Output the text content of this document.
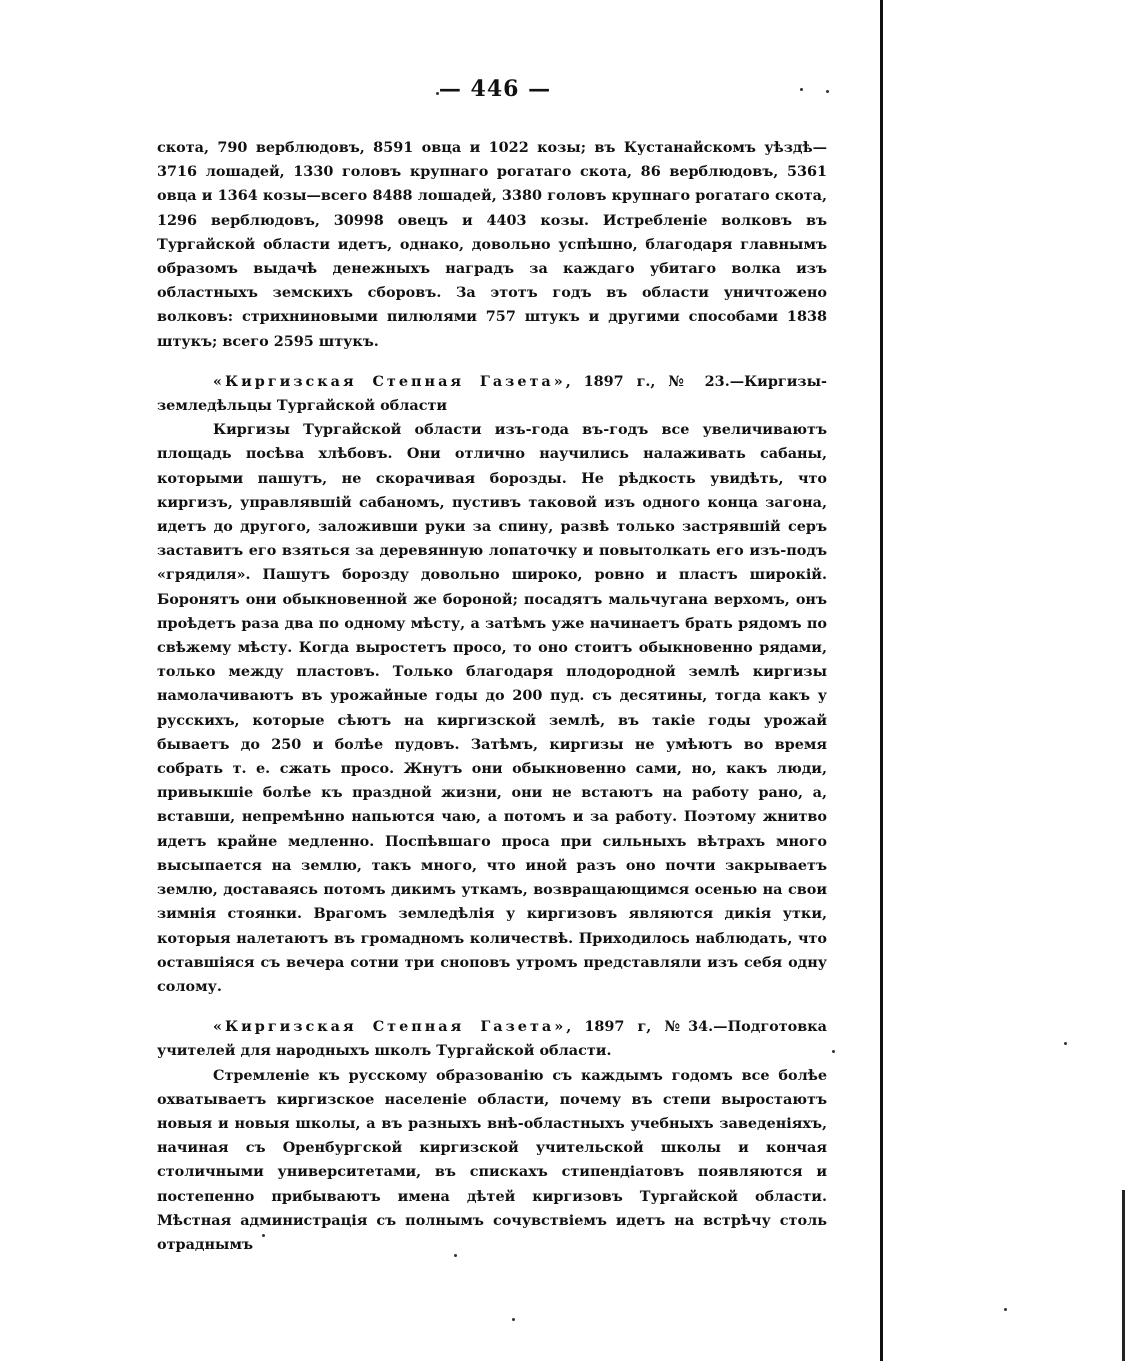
— 446 —

скота, 790 верблюдовъ, 8591 овца и 1022 козы; въ Кустанайскомъ уѣздѣ—3716 лошадей, 1330 головъ крупнаго рогатаго скота, 86 верблюдовъ, 5361 овца и 1364 козы—всего 8488 лошадей, 3380 головъ крупнаго рогатаго скота, 1296 верблюдовъ, 30998 овецъ и 4403 козы. Истребленіе волковъ въ Тургайской области идетъ, однако, довольно успѣшно, благодаря главнымъ образомъ выдачѣ денежныхъ наградъ за каждаго убитаго волка изъ областныхъ земскихъ сборовъ. За этотъ годъ въ области уничтожено волковъ: стрихниновыми пилюлями 757 штукъ и другими способами 1838 штукъ; всего 2595 штукъ.

«Киргизская Степная Газета», 1897 г., № 23.—Киргизы-земледѣльцы Тургайской области

Киргизы Тургайской области изъ-года въ-годъ все увеличиваютъ площадь посѣва хлѣбовъ. Они отлично научились налаживать сабаны, которыми пашутъ, не скорачивая борозды. Не рѣдкость увидѣть, что киргизъ, управлявшій сабаномъ, пустивъ таковой изъ одного конца загона, идетъ до другого, заложивши руки за спину, развѣ только застрявшій серъ заставитъ его взяться за деревянную лопаточку и повытолкать его изъ-подъ «грядиля». Пашутъ борозду довольно широко, ровно и пластъ широкій. Боронятъ они обыкновенной же бороной; посадятъ мальчугана верхомъ, онъ проѣдетъ раза два по одному мѣсту, а затѣмъ уже начинаетъ брать рядомъ по свѣжему мѣсту. Когда выростетъ просо, то оно стоитъ обыкновенно рядами, только между пластовъ. Только благодаря плодородной землѣ киргизы намолачиваютъ въ урожайные годы до 200 пуд. съ десятины, тогда какъ у русскихъ, которые сѣютъ на киргизской землѣ, въ такіе годы урожай бываетъ до 250 и болѣе пудовъ. Затѣмъ, киргизы не умѣютъ во время собрать т. е. сжать просо. Жнутъ они обыкновенно сами, но, какъ люди, привыкшіе болѣе къ праздной жизни, они не встаютъ на работу рано, а, вставши, непремѣнно напьются чаю, а потомъ и за работу. Поэтому жнитво идетъ крайне медленно. Поспѣвшаго проса при сильныхъ вѣтрахъ много высыпается на землю, такъ много, что иной разъ оно почти закрываетъ землю, доставаясь потомъ дикимъ уткамъ, возвращающимся осенью на свои зимнія стоянки. Врагомъ земледѣлія у киргизовъ являются дикія утки, которыя налетаютъ въ громадномъ количествѣ. Приходилось наблюдать, что оставшіяся съ вечера сотни три сноповъ утромъ представляли изъ себя одну солому.

«Киргизская Степная Газета», 1897 г, №34.—Подготовка учителей для народныхъ школъ Тургайской области.

Стремленіе къ русскому образованію съ каждымъ годомъ все болѣе охватываетъ киргизское населеніе области, почему въ степи выростаютъ новыя и новыя школы, а въ разныхъ внѣ-областныхъ учебныхъ заведеніяхъ, начиная съ Оренбургской киргизской учительской школы и кончая столичными университетами, въ спискахъ стипендіатовъ появляются и постепенно прибываютъ имена дѣтей киргизовъ Тургайской области. Мѣстная администрація съ полнымъ сочувствіемъ идетъ на встрѣчу столь отраднымъ
